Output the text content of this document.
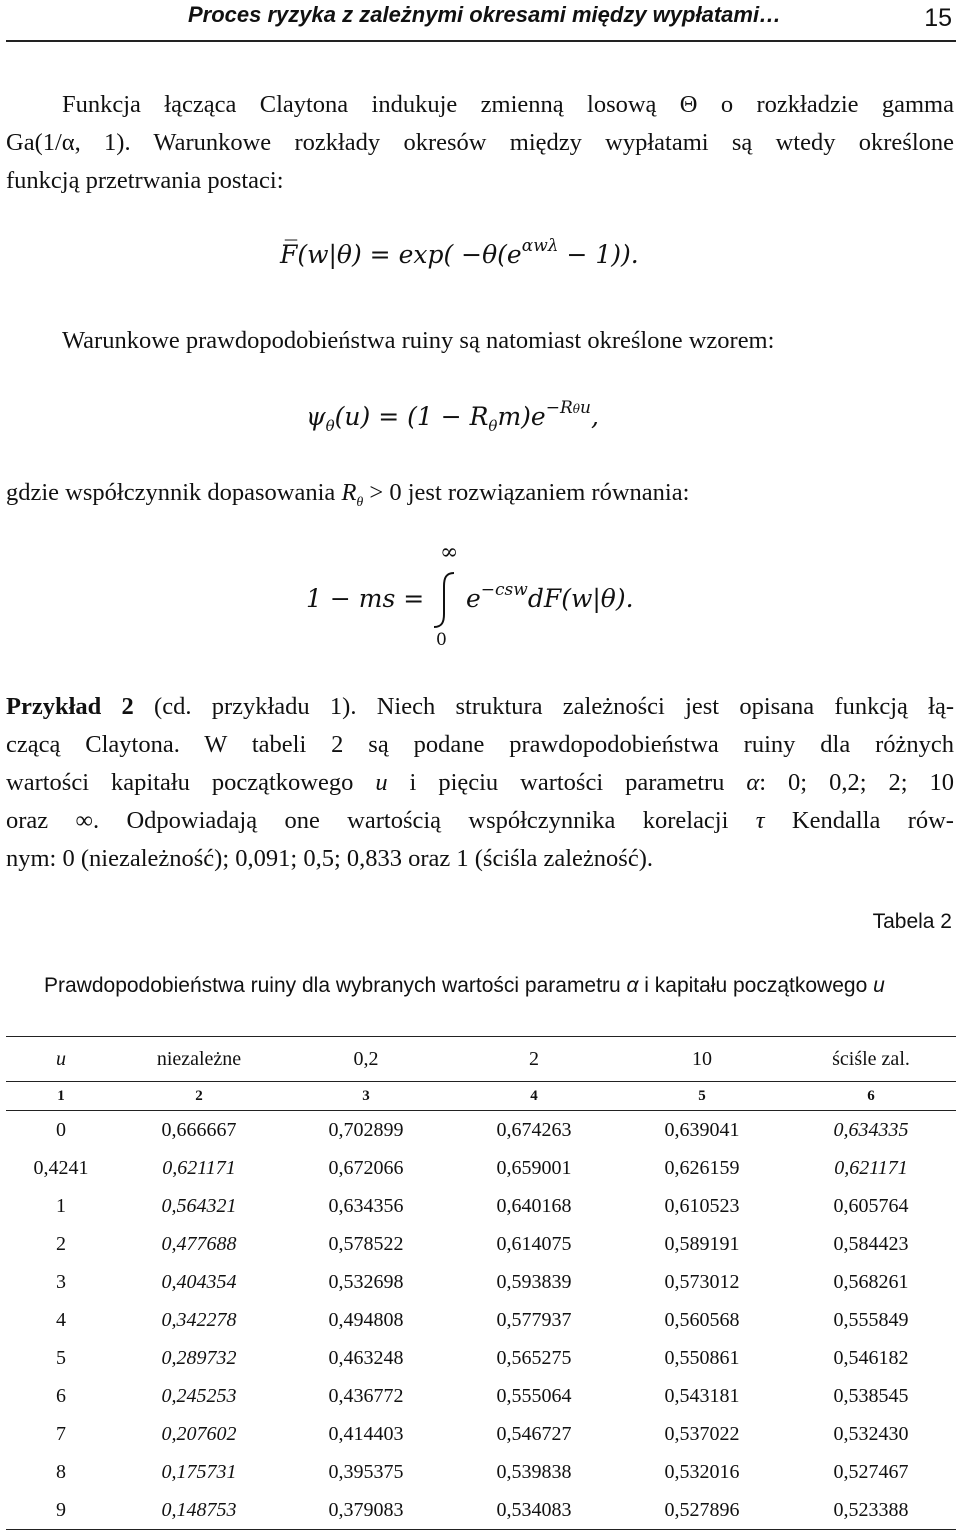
Proces ryzyka z zależnymi okresami między wypłatami…	15
Funkcja łącząca Claytona indukuje zmienną losową Θ o rozkładzie gamma
Ga(1/α, 1). Warunkowe rozkłady okresów między wypłatami są wtedy określone
funkcją przetrwania postaci:
F̅(w|θ) = $\exp( -\theta(e^{\alpha w\lambda} - 1))$.
Warunkowe prawdopodobieństwa ruiny są natomiast określone wzorem:
$\psi_\theta(u) = (1 - R_\theta m)e^{-R\theta u}$,
gdzie współczynnik dopasowania $R_\theta > 0$ jest rozwiązaniem równania:
1 − ms =
∞
0
$e^{-csw}dF(w|\theta)$.
Przykład 2 (cd. przykładu 1). Niech struktura zależności jest opisana funkcją łą-
czącą Claytona. W tabeli 2 są podane prawdopodobieństwa ruiny dla różnych
wartości kapitału początkowego u i pięciu wartości parametru α: 0; 0,2; 2; 10
oraz ∞. Odpowiadają one wartością współczynnika korelacji τ Kendalla rów-
nym: 0 (niezależność); 0,091; 0,5; 0,833 oraz 1 (ściśla zależność).
Tabela 2
Prawdopodobieństwa ruiny dla wybranych wartości parametru α i kapitału początkowego u
u	niezależne	0,2	2	10	ściśle zal.
1	2	3	4	5	6
0	0,666667	0,702899	0,674263	0,639041	0,634335
0,4241	0,621171	0,672066	0,659001	0,626159	0,621171
1	0,564321	0,634356	0,640168	0,610523	0,605764
2	0,477688	0,578522	0,614075	0,589191	0,584423
3	0,404354	0,532698	0,593839	0,573012	0,568261
4	0,342278	0,494808	0,577937	0,560568	0,555849
5	0,289732	0,463248	0,565275	0,550861	0,546182
6	0,245253	0,436772	0,555064	0,543181	0,538545
7	0,207602	0,414403	0,546727	0,537022	0,532430
8	0,175731	0,395375	0,539838	0,532016	0,527467
9	0,148753	0,379083	0,534083	0,527896	0,523388
